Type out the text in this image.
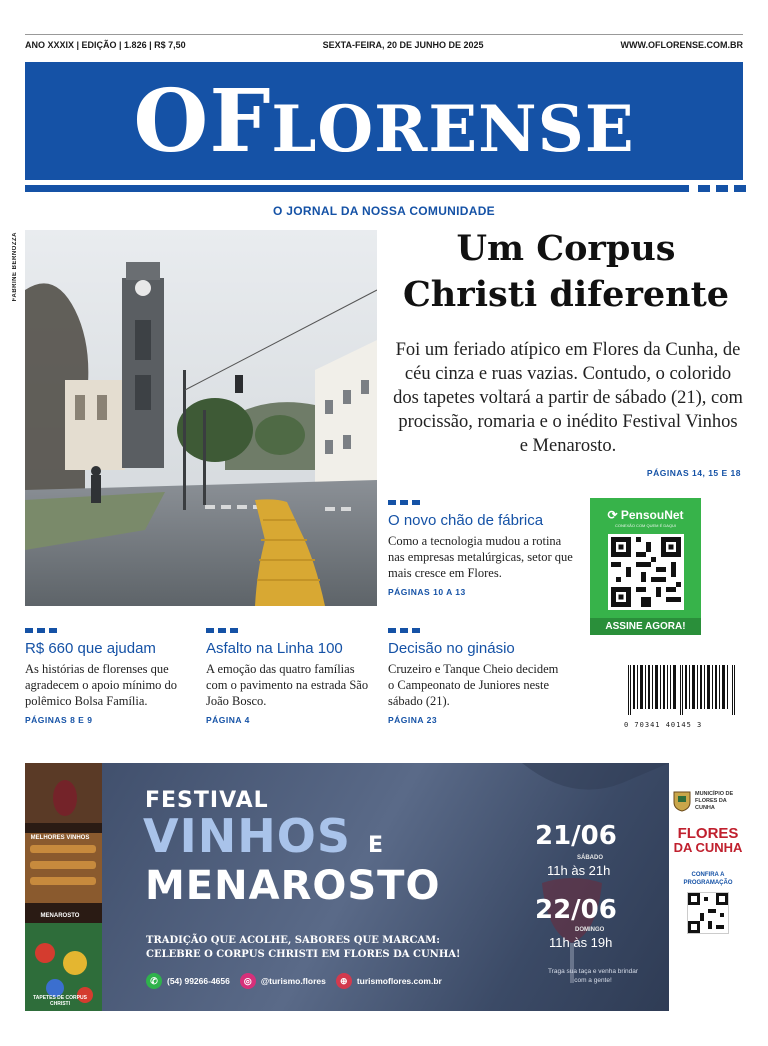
ANO XXXIX | EDIÇÃO | 1.826 | R$ 7,50	SEXTA-FEIRA, 20 DE JUNHO DE 2025	WWW.OFLORENSE.COM.BR
OFLORENSE
O JORNAL DA NOSSA COMUNIDADE
FABRINE BERNOZZA	Um Corpus
Christi diferente
Foi um feriado atípico em Flores da Cunha, de céu cinza e ruas vazias. Contudo, o colorido dos tapetes voltará a partir de sábado (21), com procissão, romaria e o inédito Festival Vinhos e Menarosto.
PÁGINAS 14, 15 E 18
O novo chão de fábrica

Como a tecnologia mudou a rotina nas empresas metalúrgicas, setor que mais cresce em Flores.

PÁGINAS 10 A 13
⟳ PensouNet
CONEXÃO COM QUEM É DAQUI
ASSINE AGORA!
R$ 660 que ajudam

As histórias de florenses que agradecem o apoio mínimo do polêmico Bolsa Família.

PÁGINAS 8 E 9
Asfalto na Linha 100

A emoção das quatro famílias com o pavimento na estrada São João Bosco.

PÁGINA 4
Decisão no ginásio

Cruzeiro e Tanque Cheio decidem o Campeonato de Juniores neste sábado (21).

PÁGINA 23	0 70341 40145 3
MELHORES VINHOS
MENAROSTO
TAPETES DE CORPUS CHRISTI
FESTIVAL
VINHOS E
MENAROSTO
TRADIÇÃO QUE ACOLHE, SABORES QUE MARCAM:
CELEBRE O CORPUS CHRISTI EM FLORES DA CUNHA!
✆	(54) 99266-4656	◎	@turismo.flores	⊕	turismoflores.com.br
21/06
SÁBADO
11h às 21h
22/06
DOMINGO
11h às 19h
Traga sua taça e venha brindar com a gente!
MUNICÍPIO DE FLORES DA CUNHA
FLORES
DA CUNHA
CONFIRA A PROGRAMAÇÃO
